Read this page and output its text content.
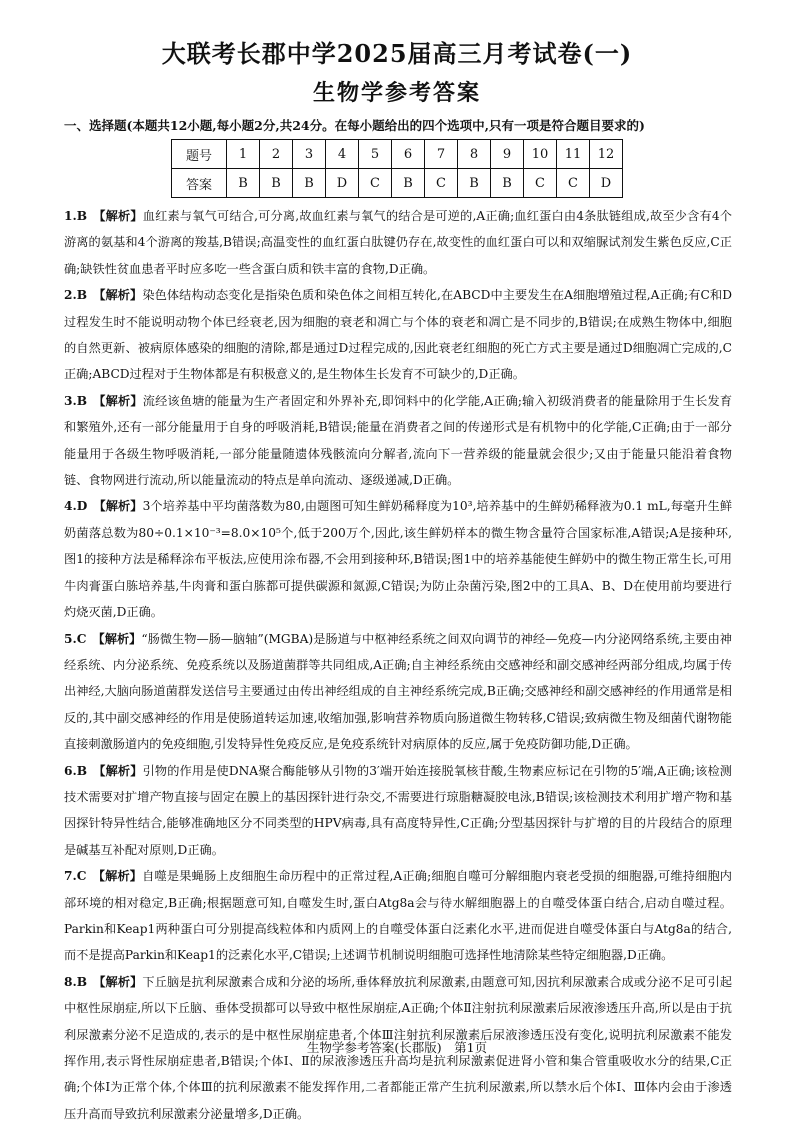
大联考长郡中学2025届高三月考试卷(一)
生物学参考答案
一、选择题(本题共12小题,每小题2分,共24分。在每小题给出的四个选项中,只有一项是符合题目要求的)
题号	1	2	3	4	5	6	7	8	9	10	11	12
答案	B	B	B	D	C	B	C	B	B	C	C	D

1.B  【解析】血红素与氧气可结合,可分离,故血红素与氧气的结合是可逆的,A正确;血红蛋白由4条肽链组成,故至少含有4个游离的氨基和4个游离的羧基,B错误;高温变性的血红蛋白肽键仍存在,故变性的血红蛋白可以和双缩脲试剂发生紫色反应,C正确;缺铁性贫血患者平时应多吃一些含蛋白质和铁丰富的食物,D正确。

2.B  【解析】染色体结构动态变化是指染色质和染色体之间相互转化,在ABCD中主要发生在A细胞增殖过程,A正确;有C和D过程发生时不能说明动物个体已经衰老,因为细胞的衰老和凋亡与个体的衰老和凋亡是不同步的,B错误;在成熟生物体中,细胞的自然更新、被病原体感染的细胞的清除,都是通过D过程完成的,因此衰老红细胞的死亡方式主要是通过D细胞凋亡完成的,C正确;ABCD过程对于生物体都是有积极意义的,是生物体生长发育不可缺少的,D正确。

3.B  【解析】流经该鱼塘的能量为生产者固定和外界补充,即饲料中的化学能,A正确;输入初级消费者的能量除用于生长发育和繁殖外,还有一部分能量用于自身的呼吸消耗,B错误;能量在消费者之间的传递形式是有机物中的化学能,C正确;由于一部分能量用于各级生物呼吸消耗,一部分能量随遗体残骸流向分解者,流向下一营养级的能量就会很少;又由于能量只能沿着食物链、食物网进行流动,所以能量流动的特点是单向流动、逐级递减,D正确。

4.D  【解析】3个培养基中平均菌落数为80,由题图可知生鲜奶稀释度为10³,培养基中的生鲜奶稀释液为0.1 mL,每毫升生鲜奶菌落总数为80÷0.1×10⁻³=8.0×10⁵个,低于200万个,因此,该生鲜奶样本的微生物含量符合国家标准,A错误;A是接种环,图1的接种方法是稀释涂布平板法,应使用涂布器,不会用到接种环,B错误;图1中的培养基能使生鲜奶中的微生物正常生长,可用牛肉膏蛋白胨培养基,牛肉膏和蛋白胨都可提供碳源和氮源,C错误;为防止杂菌污染,图2中的工具A、B、D在使用前均要进行灼烧灭菌,D正确。

5.C  【解析】“肠微生物—肠—脑轴”(MGBA)是肠道与中枢神经系统之间双向调节的神经—免疫—内分泌网络系统,主要由神经系统、内分泌系统、免疫系统以及肠道菌群等共同组成,A正确;自主神经系统由交感神经和副交感神经两部分组成,均属于传出神经,大脑向肠道菌群发送信号主要通过由传出神经组成的自主神经系统完成,B正确;交感神经和副交感神经的作用通常是相反的,其中副交感神经的作用是使肠道转运加速,收缩加强,影响营养物质向肠道微生物转移,C错误;致病微生物及细菌代谢物能直接刺激肠道内的免疫细胞,引发特异性免疫反应,是免疫系统针对病原体的反应,属于免疫防御功能,D正确。

6.B  【解析】引物的作用是使DNA聚合酶能够从引物的3′端开始连接脱氧核苷酸,生物素应标记在引物的5′端,A正确;该检测技术需要对扩增产物直接与固定在膜上的基因探针进行杂交,不需要进行琼脂糖凝胶电泳,B错误;该检测技术利用扩增产物和基因探针特异性结合,能够准确地区分不同类型的HPV病毒,具有高度特异性,C正确;分型基因探针与扩增的目的片段结合的原理是碱基互补配对原则,D正确。

7.C  【解析】自噬是果蝇肠上皮细胞生命历程中的正常过程,A正确;细胞自噬可分解细胞内衰老受损的细胞器,可维持细胞内部环境的相对稳定,B正确;根据题意可知,自噬发生时,蛋白Atg8a会与待水解细胞器上的自噬受体蛋白结合,启动自噬过程。Parkin和Keap1两种蛋白可分别提高线粒体和内质网上的自噬受体蛋白泛素化水平,进而促进自噬受体蛋白与Atg8a的结合,而不是提高Parkin和Keap1的泛素化水平,C错误;上述调节机制说明细胞可选择性地清除某些特定细胞器,D正确。

8.B  【解析】下丘脑是抗利尿激素合成和分泌的场所,垂体释放抗利尿激素,由题意可知,因抗利尿激素合成或分泌不足可引起中枢性尿崩症,所以下丘脑、垂体受损都可以导致中枢性尿崩症,A正确;个体Ⅱ注射抗利尿激素后尿液渗透压升高,所以是由于抗利尿激素分泌不足造成的,表示的是中枢性尿崩症患者,个体Ⅲ注射抗利尿激素后尿液渗透压没有变化,说明抗利尿激素不能发挥作用,表示肾性尿崩症患者,B错误;个体Ⅰ、Ⅱ的尿液渗透压升高均是抗利尿激素促进肾小管和集合管重吸收水分的结果,C正确;个体Ⅰ为正常个体,个体Ⅲ的抗利尿激素不能发挥作用,二者都能正常产生抗利尿激素,所以禁水后个体Ⅰ、Ⅲ体内会由于渗透压升高而导致抗利尿激素分泌量增多,D正确。

生物学参考答案(长郡版)　第1页
